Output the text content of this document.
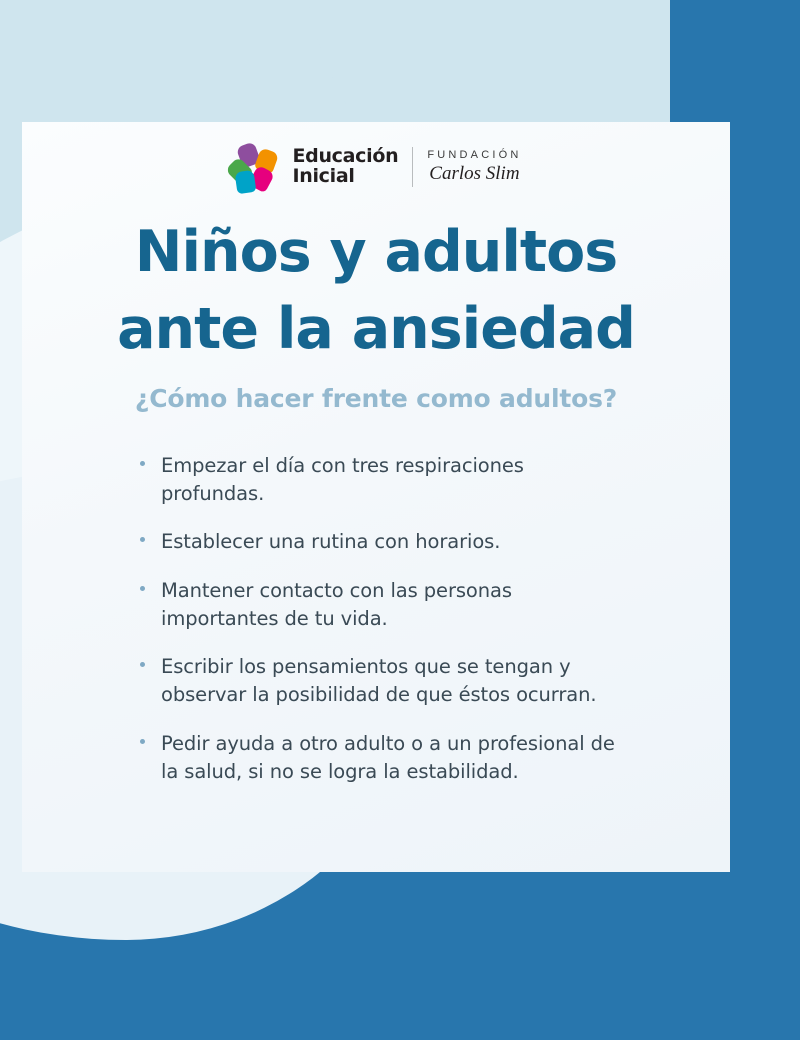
Educación
Inicial
FUNDACIÓN
Carlos Slim
Niños y adultos
ante la ansiedad
¿Cómo hacer frente como adultos?
Empezar el día con tres respiraciones profundas.
Establecer una rutina con horarios.
Mantener contacto con las personas importantes de tu vida.
Escribir los pensamientos que se tengan y observar la posibilidad de que éstos ocurran.
Pedir ayuda a otro adulto o a un profesional de la salud, si no se logra la estabilidad.
